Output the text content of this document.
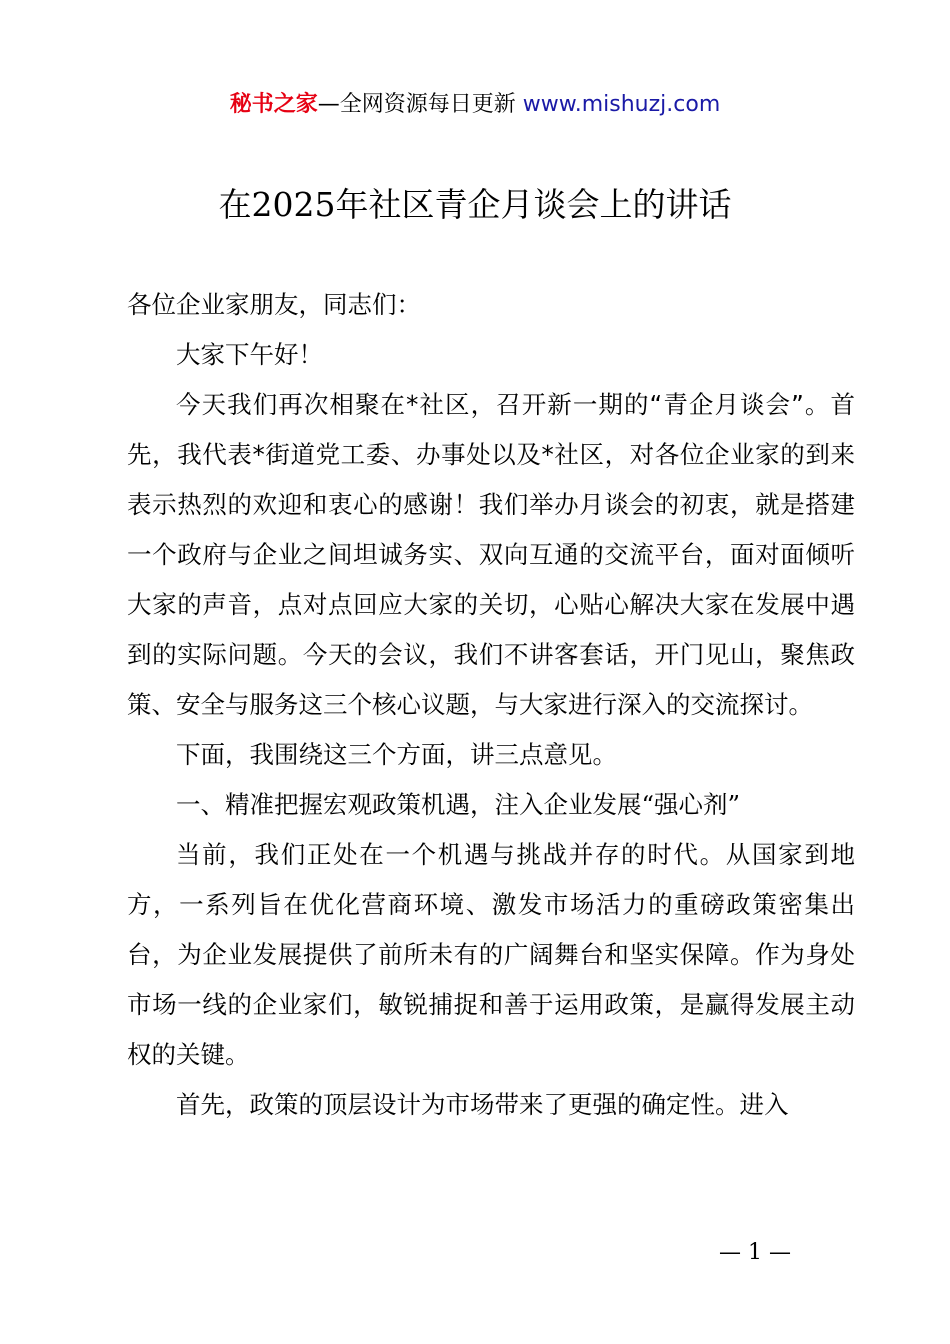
秘书之家—全网资源每日更新 www.mishuzj.com
在2025年社区青企月谈会上的讲话

各位企业家朋友，同志们：

大家下午好！

今天我们再次相聚在*社区，召开新一期的“青企月谈会”。首先，我代表*街道党工委、办事处以及*社区，对各位企业家的到来表示热烈的欢迎和衷心的感谢！我们举办月谈会的初衷，就是搭建一个政府与企业之间坦诚务实、双向互通的交流平台，面对面倾听大家的声音，点对点回应大家的关切，心贴心解决大家在发展中遇到的实际问题。今天的会议，我们不讲客套话，开门见山，聚焦政策、安全与服务这三个核心议题，与大家进行深入的交流探讨。

下面，我围绕这三个方面，讲三点意见。

一、精准把握宏观政策机遇，注入企业发展“强心剂”

当前，我们正处在一个机遇与挑战并存的时代。从国家到地方，一系列旨在优化营商环境、激发市场活力的重磅政策密集出台，为企业发展提供了前所未有的广阔舞台和坚实保障。作为身处市场一线的企业家们，敏锐捕捉和善于运用政策，是赢得发展主动权的关键。

首先，政策的顶层设计为市场带来了更强的确定性。进入

— 1 —
